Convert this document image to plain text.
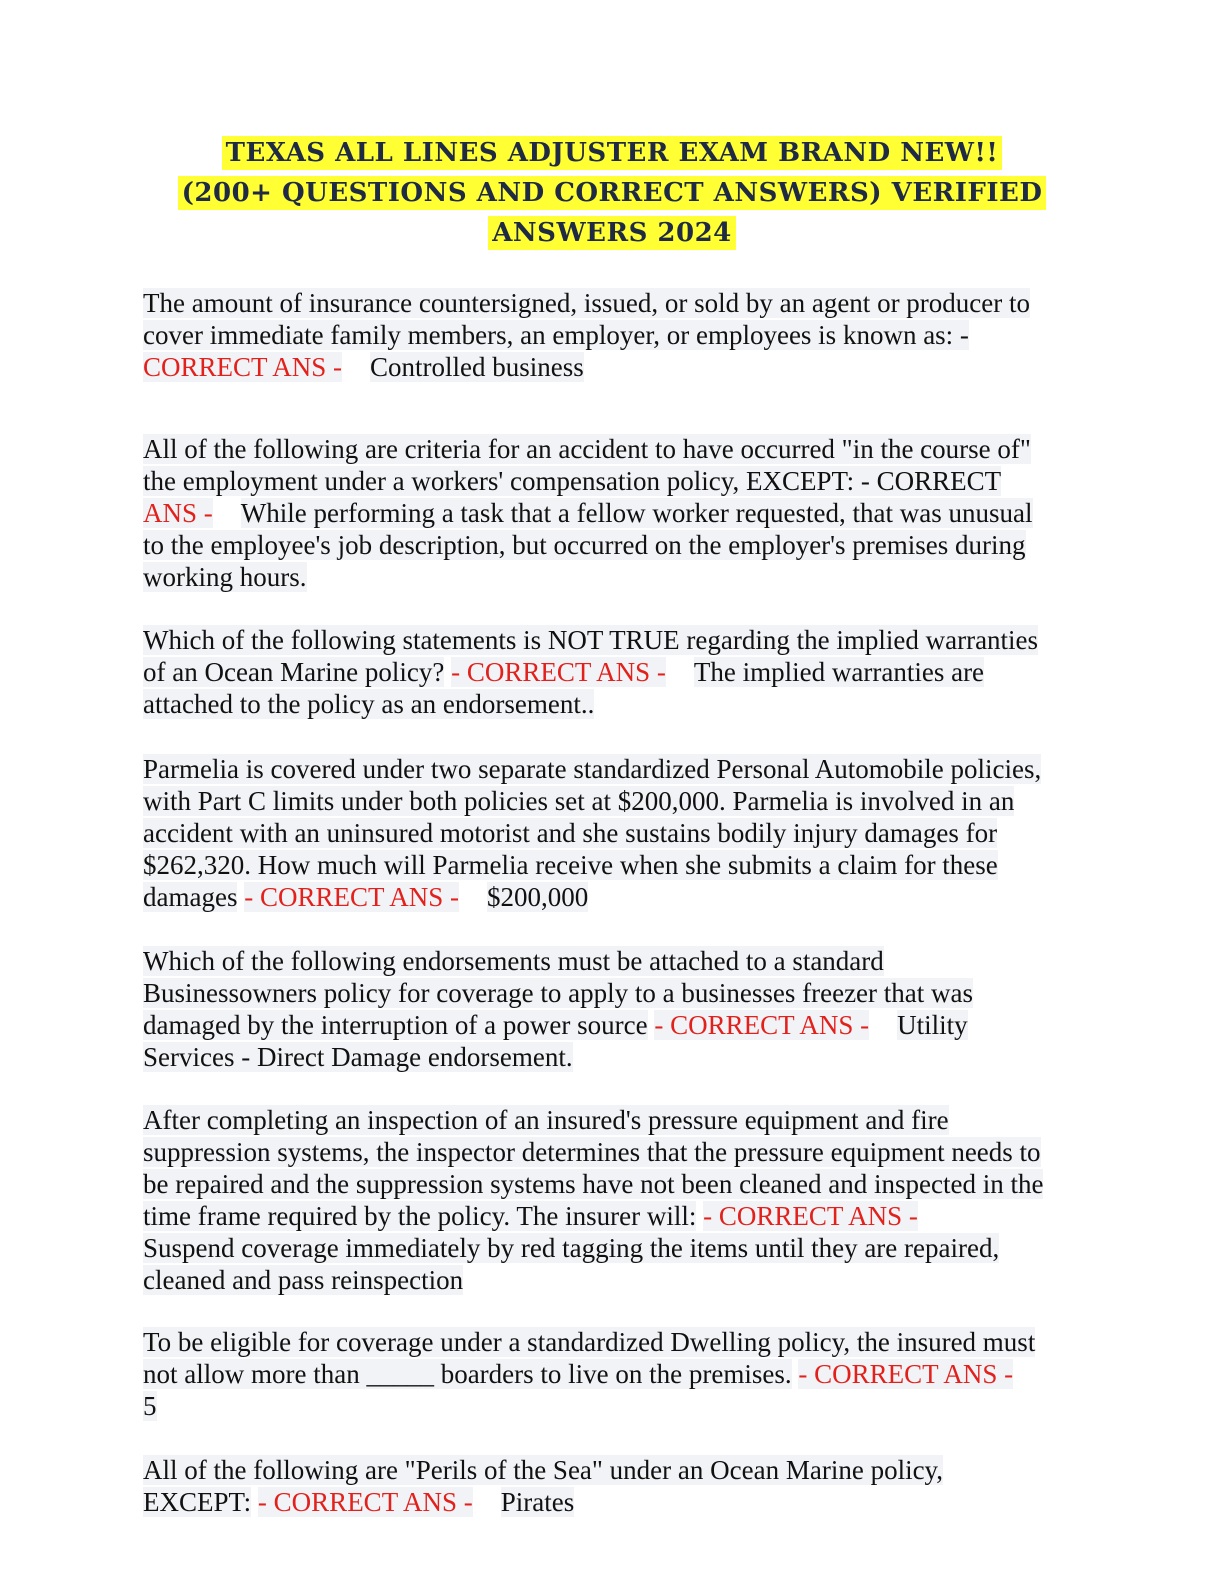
TEXAS ALL LINES ADJUSTER EXAM BRAND NEW!!
(200+ QUESTIONS AND CORRECT ANSWERS) VERIFIED
ANSWERS 2024
The amount of insurance countersigned, issued, or sold by an agent or producer to
cover immediate family members, an employer, or employees is known as: -
CORRECT ANS - Controlled business
All of the following are criteria for an accident to have occurred "in the course of"
the employment under a workers' compensation policy, EXCEPT: - CORRECT
ANS - While performing a task that a fellow worker requested, that was unusual
to the employee's job description, but occurred on the employer's premises during
working hours.
Which of the following statements is NOT TRUE regarding the implied warranties
of an Ocean Marine policy? - CORRECT ANS - The implied warranties are
attached to the policy as an endorsement..
Parmelia is covered under two separate standardized Personal Automobile policies,
with Part C limits under both policies set at $200,000. Parmelia is involved in an
accident with an uninsured motorist and she sustains bodily injury damages for
$262,320. How much will Parmelia receive when she submits a claim for these
damages - CORRECT ANS - $200,000
Which of the following endorsements must be attached to a standard
Businessowners policy for coverage to apply to a businesses freezer that was
damaged by the interruption of a power source - CORRECT ANS - Utility
Services - Direct Damage endorsement.
After completing an inspection of an insured's pressure equipment and fire
suppression systems, the inspector determines that the pressure equipment needs to
be repaired and the suppression systems have not been cleaned and inspected in the
time frame required by the policy. The insurer will: - CORRECT ANS -
Suspend coverage immediately by red tagging the items until they are repaired,
cleaned and pass reinspection
To be eligible for coverage under a standardized Dwelling policy, the insured must
not allow more than _____ boarders to live on the premises. - CORRECT ANS -
5
All of the following are "Perils of the Sea" under an Ocean Marine policy,
EXCEPT: - CORRECT ANS - Pirates
